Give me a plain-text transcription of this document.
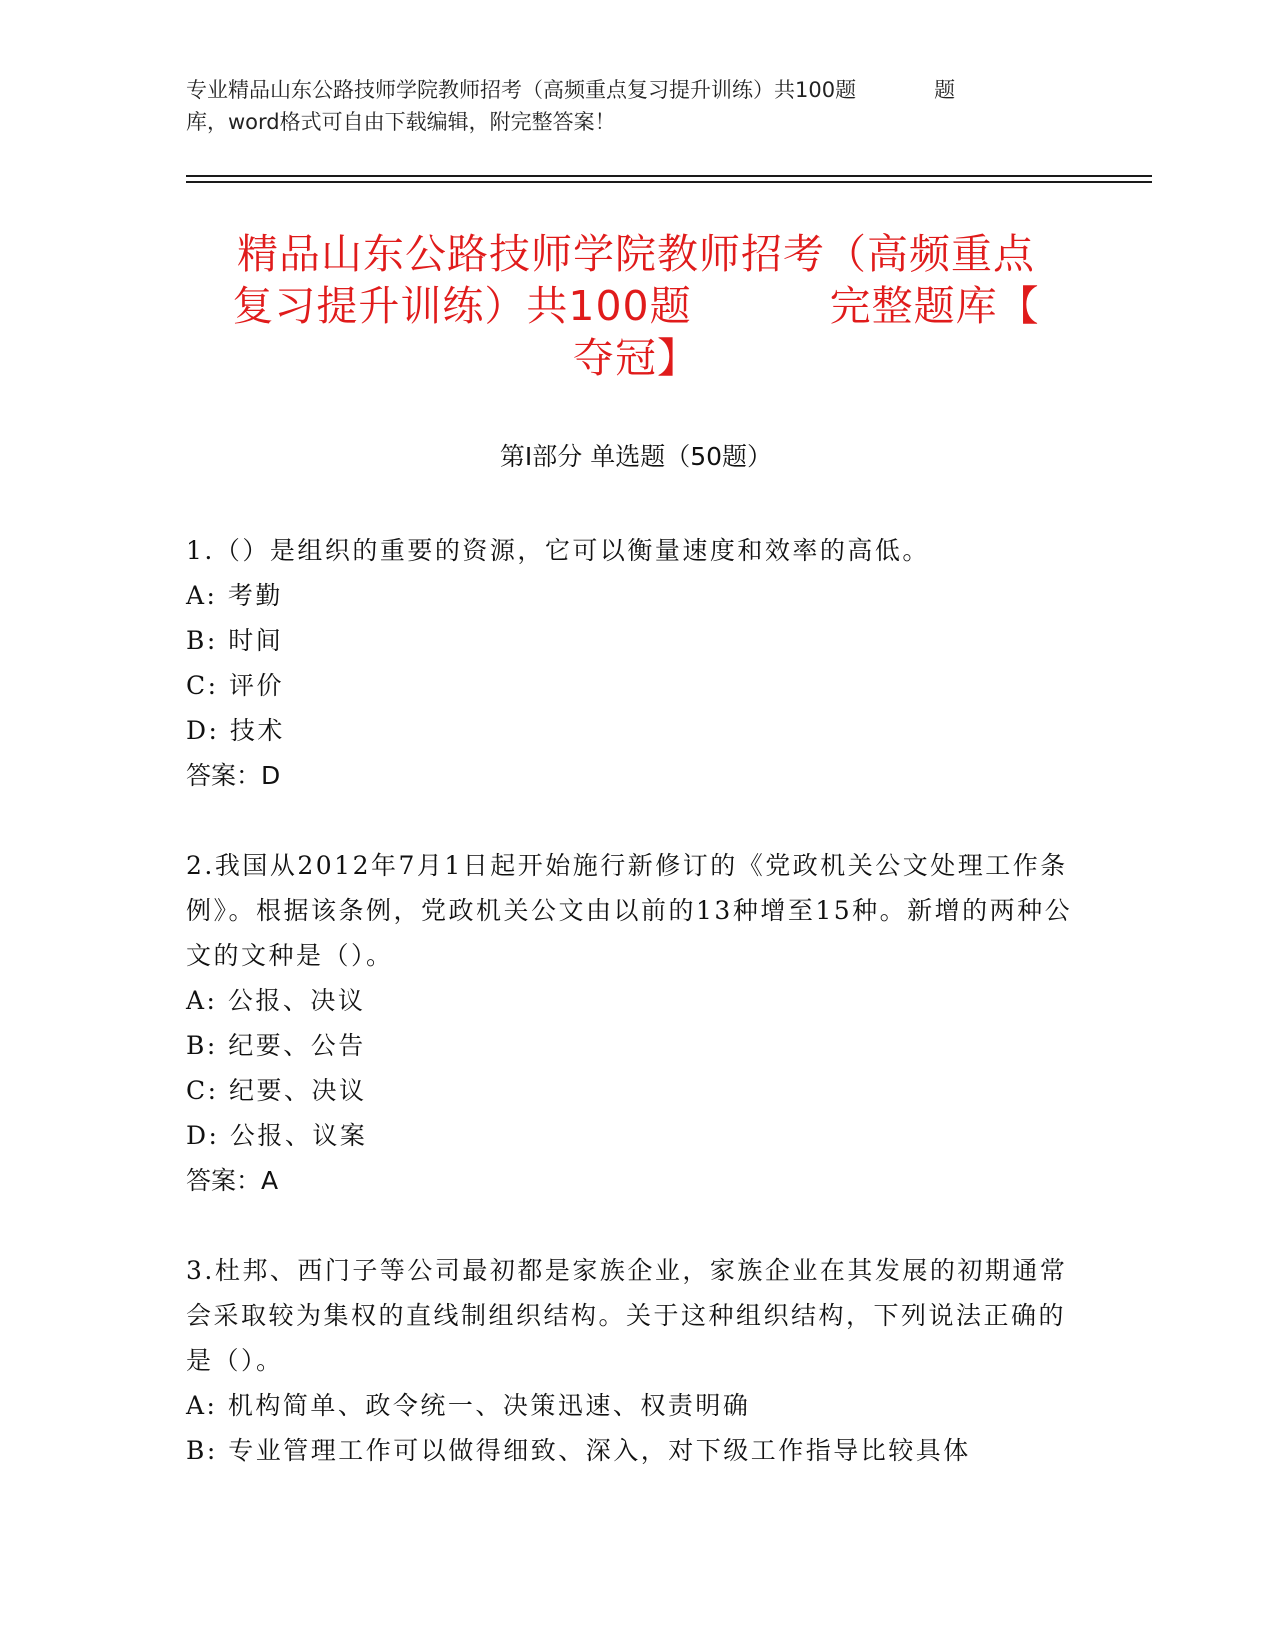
专业精品山东公路技师学院教师招考（高频重点复习提升训练）共100题	题
库，word格式可自由下载编辑，附完整答案！
精品山东公路技师学院教师招考（高频重点
复习提升训练）共100题	完整题库【
夺冠】
第Ⅰ部分 单选题（50题）

1.（）是组织的重要的资源，它可以衡量速度和效率的高低。

A: 考勤
B: 时间
C: 评价
D: 技术
答案：D

2.我国从2012年7月1日起开始施行新修订的《党政机关公文处理工作条例》。根据该条例，党政机关公文由以前的13种增至15种。新增的两种公文的文种是（）。

A: 公报、决议
B: 纪要、公告
C: 纪要、决议
D: 公报、议案
答案：A

3.杜邦、西门子等公司最初都是家族企业，家族企业在其发展的初期通常会采取较为集权的直线制组织结构。关于这种组织结构，下列说法正确的是（）。

A: 机构简单、政令统一、决策迅速、权责明确
B: 专业管理工作可以做得细致、深入，对下级工作指导比较具体
